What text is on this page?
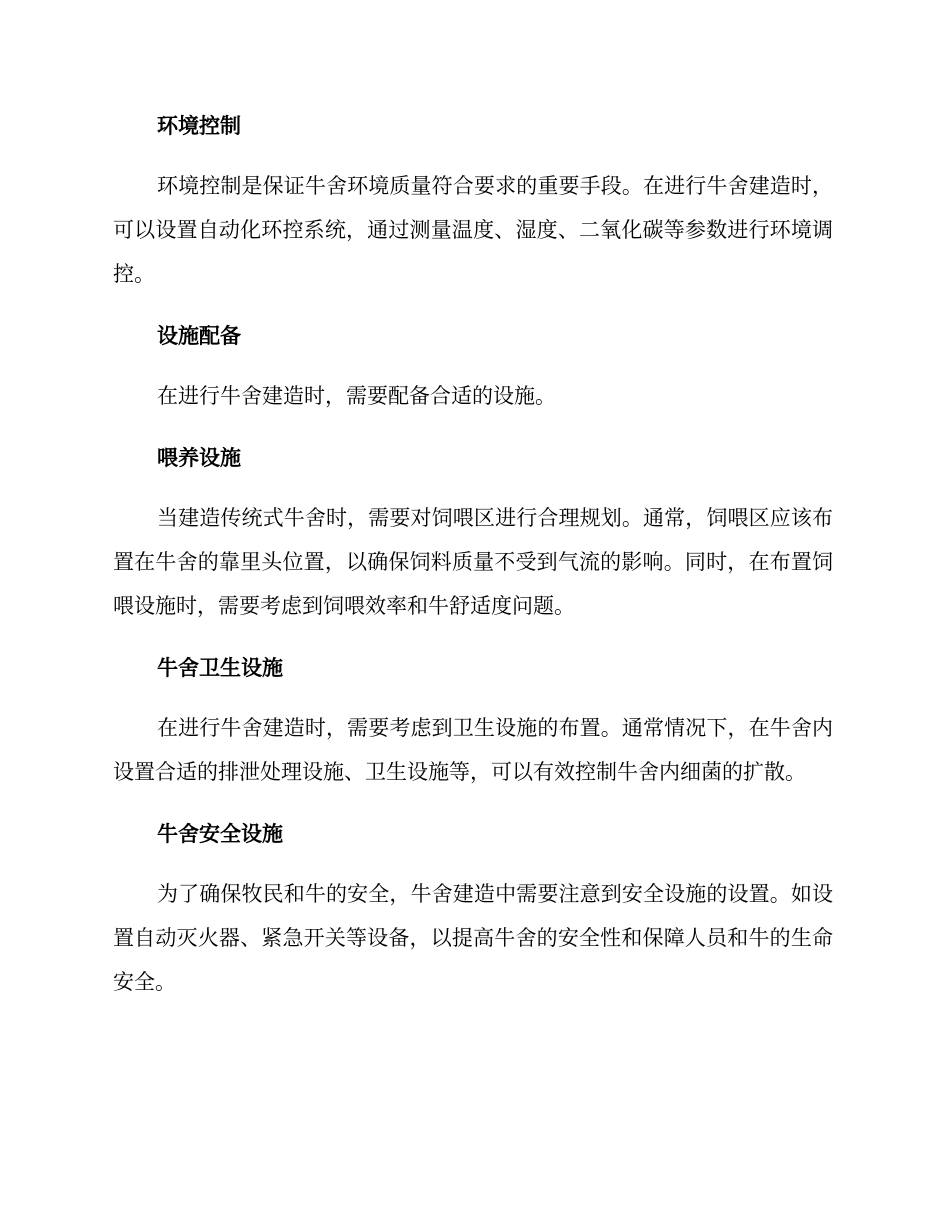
环境控制

环境控制是保证牛舍环境质量符合要求的重要手段。在进行牛舍建造时，可以设置自动化环控系统，通过测量温度、湿度、二氧化碳等参数进行环境调控。

设施配备

在进行牛舍建造时，需要配备合适的设施。

喂养设施

当建造传统式牛舍时，需要对饲喂区进行合理规划。通常，饲喂区应该布置在牛舍的靠里头位置，以确保饲料质量不受到气流的影响。同时，在布置饲喂设施时，需要考虑到饲喂效率和牛舒适度问题。

牛舍卫生设施

在进行牛舍建造时，需要考虑到卫生设施的布置。通常情况下，在牛舍内设置合适的排泄处理设施、卫生设施等，可以有效控制牛舍内细菌的扩散。

牛舍安全设施

为了确保牧民和牛的安全，牛舍建造中需要注意到安全设施的设置。如设置自动灭火器、紧急开关等设备，以提高牛舍的安全性和保障人员和牛的生命安全。
